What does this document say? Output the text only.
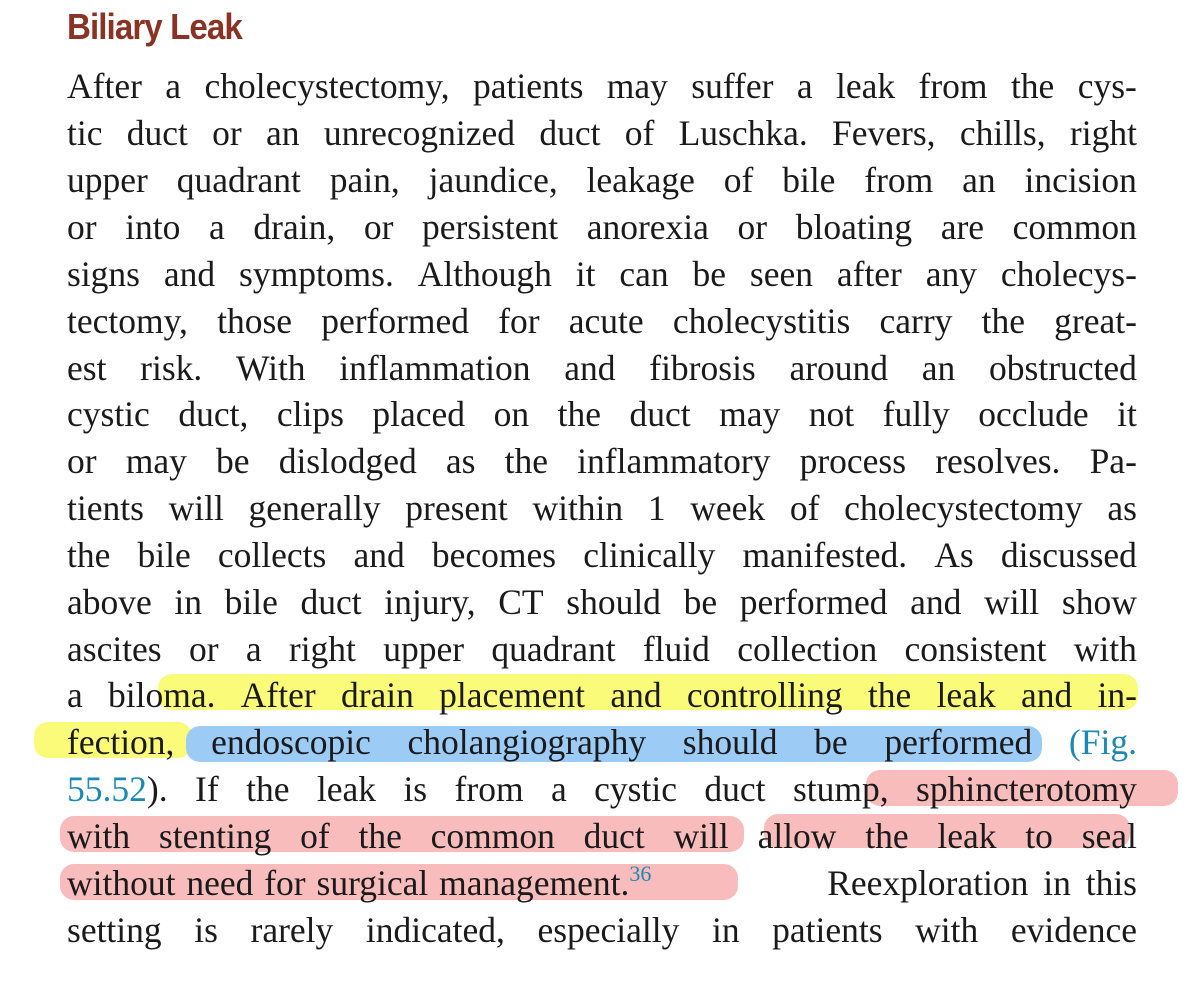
Biliary Leak
After a cholecystectomy, patients may suffer a leak from the cys-
tic duct or an unrecognized duct of Luschka. Fevers, chills, right
upper quadrant pain, jaundice, leakage of bile from an incision
or into a drain, or persistent anorexia or bloating are common
signs and symptoms. Although it can be seen after any cholecys-
tectomy, those performed for acute cholecystitis carry the great-
est risk. With inflammation and fibrosis around an obstructed
cystic duct, clips placed on the duct may not fully occlude it
or may be dislodged as the inflammatory process resolves. Pa-
tients will generally present within 1 week of cholecystectomy as
the bile collects and becomes clinically manifested. As discussed
above in bile duct injury, CT should be performed and will show
ascites or a right upper quadrant fluid collection consistent with
a biloma. After drain placement and controlling the leak and in-
fection, endoscopic cholangiography should be performed (Fig.
). If the leak is from a cystic duct stump, sphincterotomy
55.52
with stenting of the common duct will allow the leak to seal
without need for surgical management.$^{36}$	Reexploration in this
setting is rarely indicated, especially in patients with evidence
